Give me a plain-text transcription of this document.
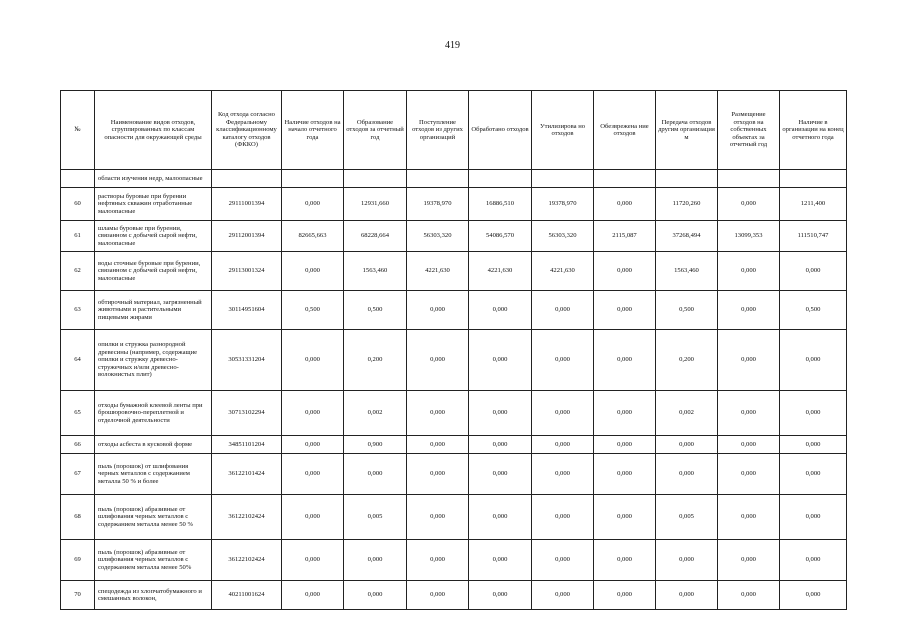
419
№	Наименование видов отходов, сгруппированных по классам опасности для окружающей среды	Код отхода согласно Федеральному классификационному каталогу отходов (ФККО)	Наличие отходов на начало отчетного года	Образование отходов за отчетный год	Поступление отходов из других организаций	Обработано отходов	Утилизирова но отходов	Обезврежена ние отходов	Передача отходов другим организация м	Размещение отходов на собственных объектах за отчетный год	Наличие в организации на конец отчетного года
	области изучения недр, малоопасные										
60	растворы буровые при бурении нефтяных скважин отработанные малоопасные	29111001394	0,000	12931,660	19378,970	16886,510	19378,970	0,000	11720,260	0,000	1211,400
61	шламы буровые при бурении, связанном с добычей сырой нефти, малоопасные	29112001394	82665,663	68228,664	56303,320	54086,570	56303,320	2115,087	37268,494	13099,353	111510,747
62	воды сточные буровые при бурении, связанном с добычей сырой нефти, малоопасные	29113001324	0,000	1563,460	4221,630	4221,630	4221,630	0,000	1563,460	0,000	0,000
63	обтирочный материал, загрязненный животными и растительными пищевыми жирами	30114951604	0,500	0,500	0,000	0,000	0,000	0,000	0,500	0,000	0,500
64	опилки и стружка разнородной древесины (например, содержащие опилки и стружку древесно-стружечных и/или древесно-волокнистых плит)	30531331204	0,000	0,200	0,000	0,000	0,000	0,000	0,200	0,000	0,000
65	отходы бумажной клеевой ленты при брошюровочно-переплетной и отделочной деятельности	30713102294	0,000	0,002	0,000	0,000	0,000	0,000	0,002	0,000	0,000
66	отходы асбеста в кусковой форме	34851101204	0,000	0,900	0,000	0,000	0,000	0,000	0,000	0,000	0,000
67	пыль (порошок) от шлифования черных металлов с содержанием металла 50 % и более	36122101424	0,000	0,000	0,000	0,000	0,000	0,000	0,000	0,000	0,000
68	пыль (порошок) абразивные от шлифования черных металлов с содержанием металла менее 50 %	36122102424	0,000	0,005	0,000	0,000	0,000	0,000	0,005	0,000	0,000
69	пыль (порошок) абразивные от шлифования черных металлов с содержанием металла менее 50%	36122102424	0,000	0,000	0,000	0,000	0,000	0,000	0,000	0,000	0,000
70	спецодежда из хлопчатобумажного и смешанных волокон,	40211001624	0,000	0,000	0,000	0,000	0,000	0,000	0,000	0,000	0,000
